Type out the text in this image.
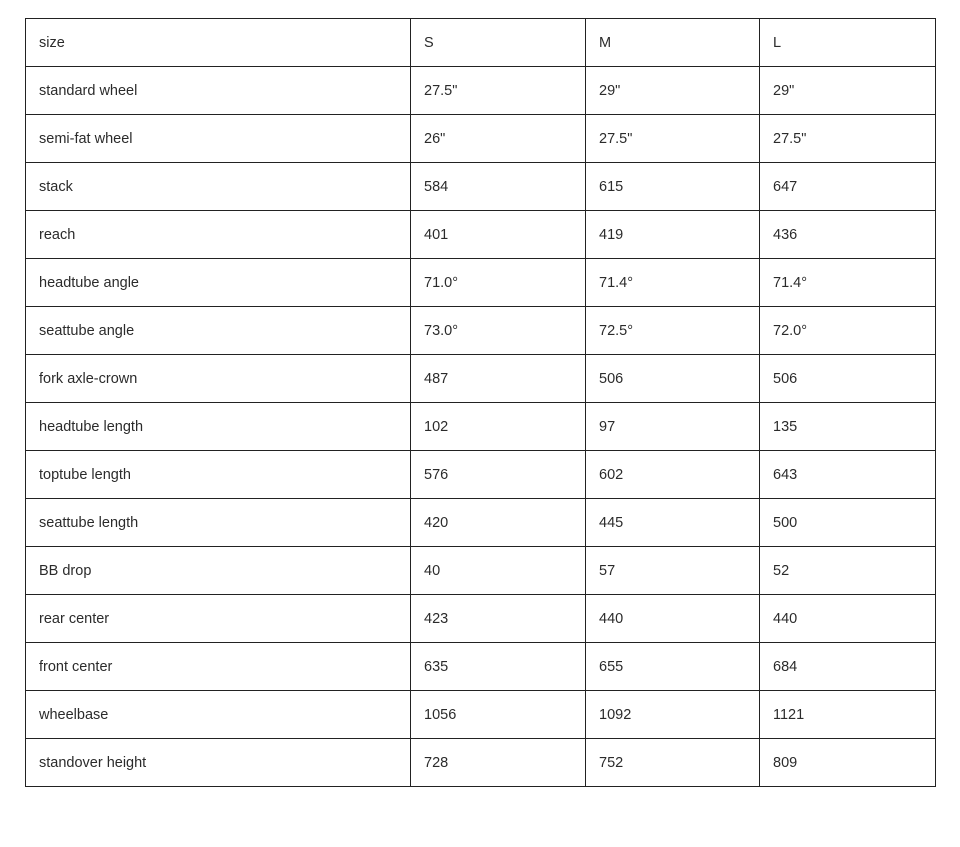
size	S	M	L
standard wheel	27.5"	29"	29"
semi-fat wheel	26"	27.5"	27.5"
stack	584	615	647
reach	401	419	436
headtube angle	71.0°	71.4°	71.4°
seattube angle	73.0°	72.5°	72.0°
fork axle-crown	487	506	506
headtube length	102	97	135
toptube length	576	602	643
seattube length	420	445	500
BB drop	40	57	52
rear center	423	440	440
front center	635	655	684
wheelbase	1056	1092	1121
standover height	728	752	809
